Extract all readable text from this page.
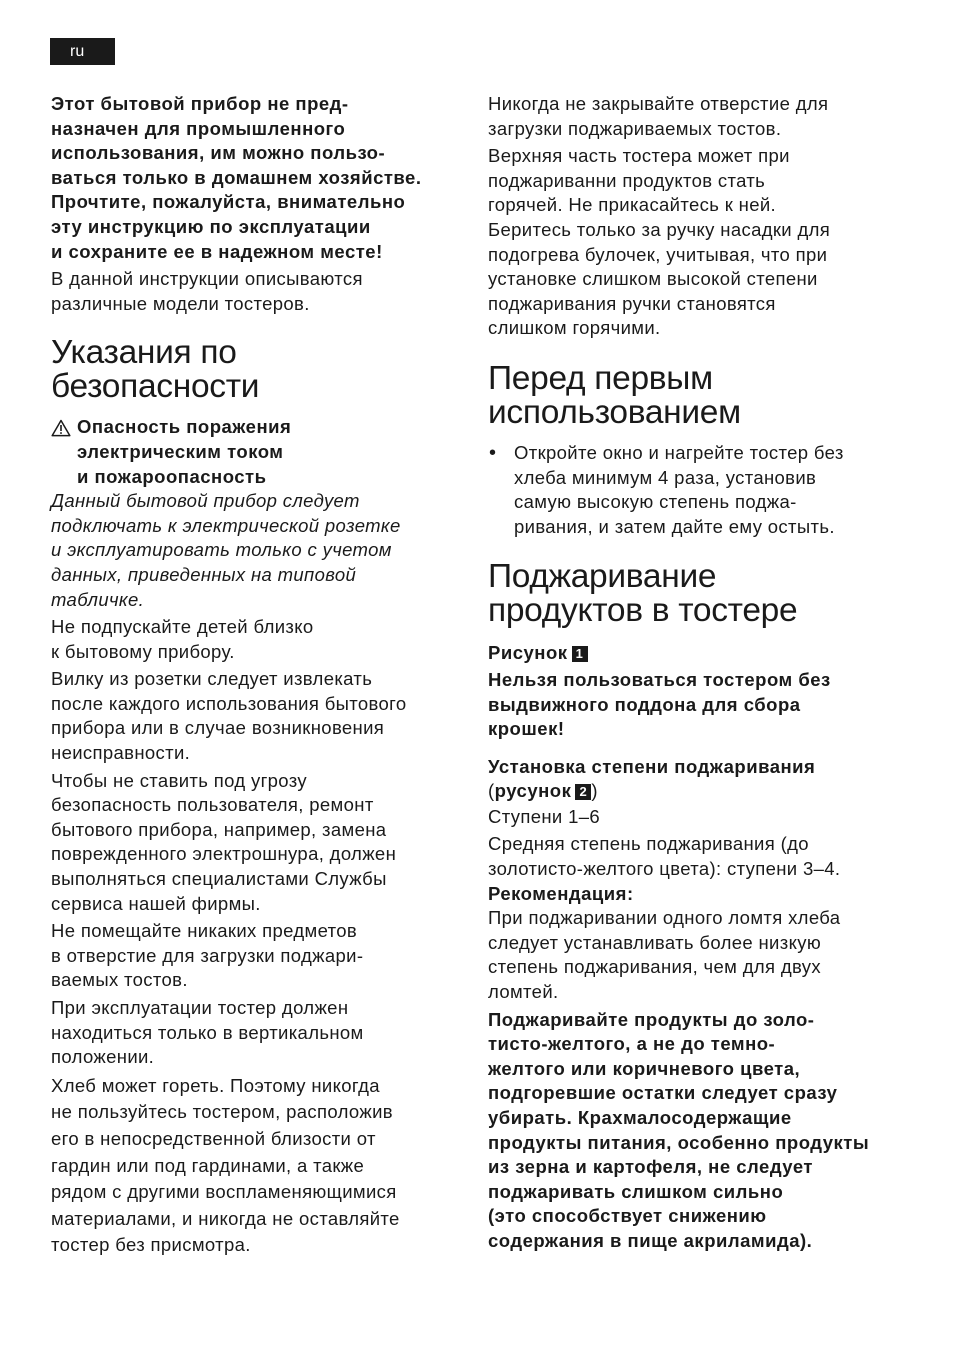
ru

Этот бытовой прибор не пред-
назначен для промышленного
использования, им можно пользо-
ваться только в домашнем хозяйстве.
Прочтите, пожалуйста, внимательно
эту инструкцию по эксплуатации
и сохраните ее в надежном месте!

В данной инструкции описываются
различные модели тостеров.

Указания по
безопасности

Опасность поражения
электрическим током
и пожароопасность

Данный бытовой прибор следует
подключать к электрической розетке
и эксплуатировать только с учетом
данных, приведенных на типовой
табличке.

Не подпускайте детей близко
к бытовому прибору.

Вилку из розетки следует извлекать
после каждого использования бытового
прибора или в случае возникновения
неисправности.

Чтобы не ставить под угрозу
безопасность пользователя, ремонт
бытового прибора, например, замена
поврежденного электрошнура, должен
выполняться специалистами Службы
сервиса нашей фирмы.

Не помещайте никаких предметов
в отверстие для загрузки поджари-
ваемых тостов.

При эксплуатации тостер должен
находиться только в вертикальном
положении.

Хлеб может гореть. Поэтому никогда
не пользуйтесь тостером, расположив
его в непосредственной близости от
гардин или под гардинами, а также
рядом с другими воспламеняющимися
материалами, и никогда не оставляйте
тостер без присмотра.

Никогда не закрывайте отверстие для
загрузки поджариваемых тостов.

Верхняя часть тостера может при
поджариванни продуктов стать
горячей. Не прикасайтесь к ней.
Беритесь только за ручку насадки для
подогрева булочек, учитывая, что при
установке слишком высокой степени
поджаривания ручки становятся
слишком горячими.

Перед первым
использованием

• Откройте окно и нагрейте тостер без
хлеба минимум 4 раза, установив
самую высокую степень поджа-
ривания, и затем дайте ему остыть.

Поджаривание
продуктов в тостере

Рисунок 1

Нельзя пользоваться тостером без
выдвижного поддона для сбора
крошек!

Установка степени поджаривания
(русунок 2 )

Ступени 1–6

Средняя степень поджаривания (до
золотисто-желтого цвета): ступени 3–4.

Рекомендация:

При поджаривании одного ломтя хлеба
следует устанавливать более низкую
степень поджаривания, чем для двух
ломтей.

Поджаривайте продукты до золо-
тисто-желтого, а не до темно-
желтого или коричневого цвета,
подгоревшие остатки следует сразу
убирать. Крахмалосодержащие
продукты питания, особенно продукты
из зерна и картофеля, не следует
поджаривать слишком сильно
(это способствует снижению
содержания в пище акриламида).
